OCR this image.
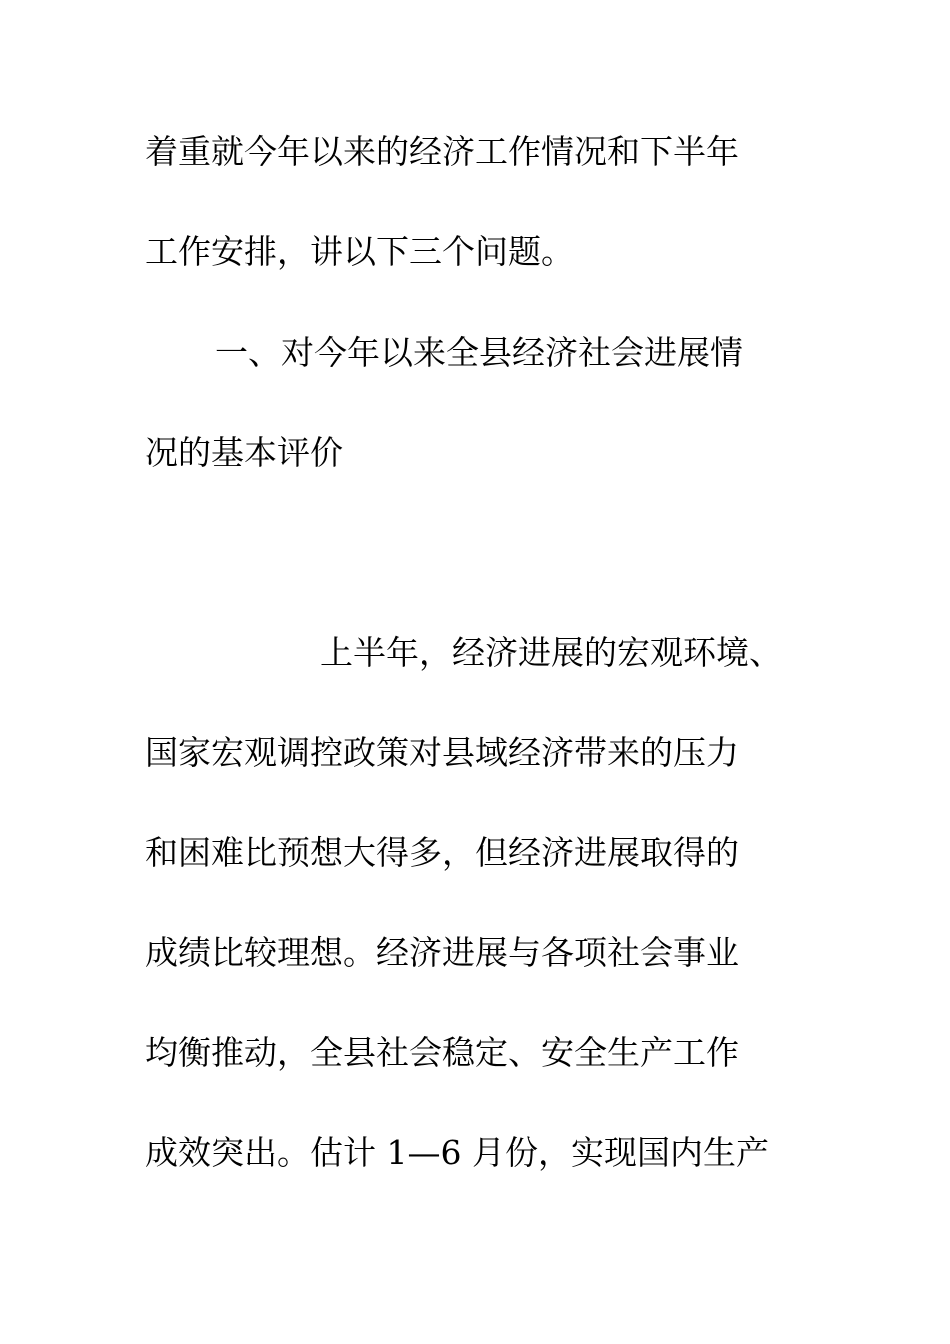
着重就今年以来的经济工作情况和下半年
工作安排，讲以下三个问题。
一、对今年以来全县经济社会进展情
况的基本评价
上半年，经济进展的宏观环境、
国家宏观调控政策对县域经济带来的压力
和困难比预想大得多，但经济进展取得的
成绩比较理想。经济进展与各项社会事业
均衡推动，全县社会稳定、安全生产工作
成效突出。估计 1—6 月份，实现国内生产
